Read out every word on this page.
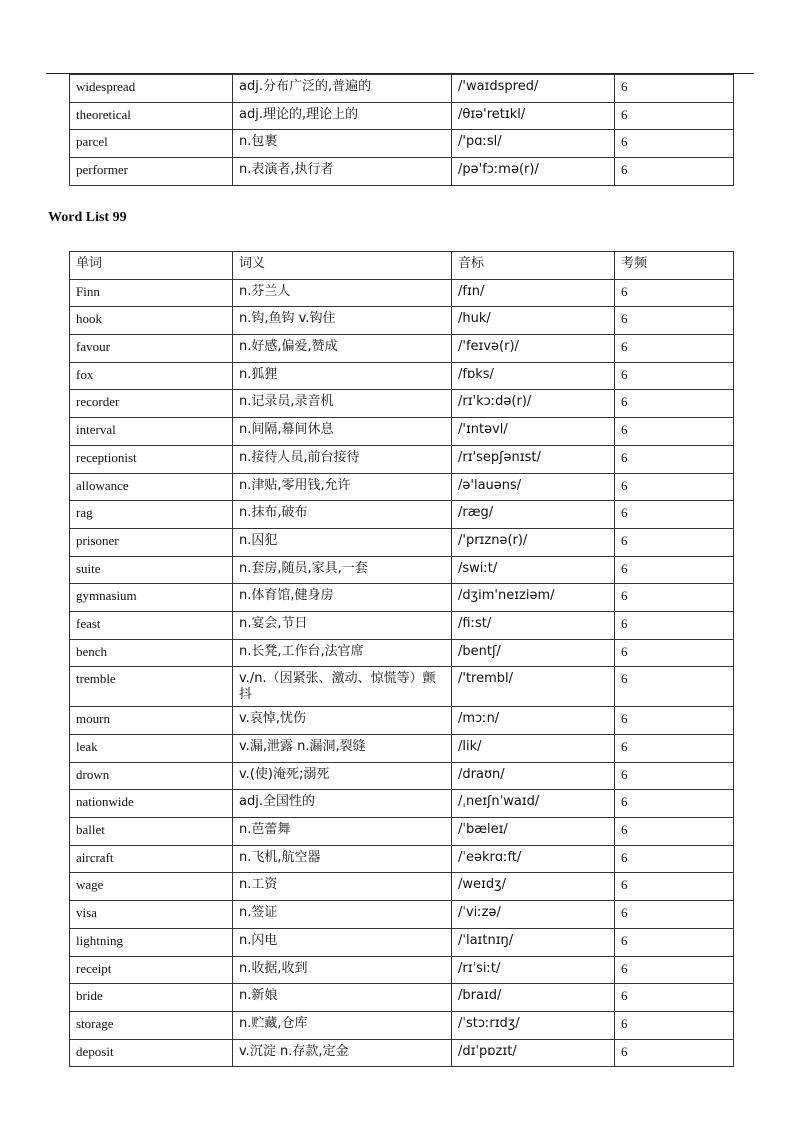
widespread	adj.分布广泛的,普遍的	/'waɪdspred/	6
theoretical	adj.理论的,理论上的	/θɪə'retɪkl/	6
parcel	n.包裹	/'pɑːsl/	6
performer	n.表演者,执行者	/pə'fɔːmə(r)/	6
Word List 99
单词	词义	音标	考频
Finn	n.芬兰人	/fɪn/	6
hook	n.钩,鱼钩 v.钩住	/huk/	6
favour	n.好感,偏爱,赞成	/'feɪvə(r)/	6
fox	n.狐狸	/fɒks/	6
recorder	n.记录员,录音机	/rɪ'kɔːdə(r)/	6
interval	n.间隔,幕间休息	/'ɪntəvl/	6
receptionist	n.接待人员,前台接待	/rɪ'sepʃənɪst/	6
allowance	n.津贴,零用钱,允许	/ə'lauəns/	6
rag	n.抹布,破布	/ræg/	6
prisoner	n.囚犯	/'prɪznə(r)/	6
suite	n.套房,随员,家具,一套	/swiːt/	6
gymnasium	n.体育馆,健身房	/dʒim'neɪziəm/	6
feast	n.宴会,节日	/fiːst/	6
bench	n.长凳,工作台,法官席	/bentʃ/	6
tremble	v./n.（因紧张、激动、惊慌等）颤抖	/'trembl/	6
mourn	v.哀悼,忧伤	/mɔːn/	6
leak	v.漏,泄露 n.漏洞,裂缝	/lik/	6
drown	v.(使)淹死;溺死	/draʊn/	6
nationwide	adj.全国性的	/ˌneɪʃnˈwaɪd/	6
ballet	n.芭蕾舞	/ˈbæleɪ/	6
aircraft	n.飞机,航空器	/ˈeəkrɑːft/	6
wage	n.工资	/weɪdʒ/	6
visa	n.签证	/ˈviːzə/	6
lightning	n.闪电	/ˈlaɪtnɪŋ/	6
receipt	n.收据,收到	/rɪˈsiːt/	6
bride	n.新娘	/braɪd/	6
storage	n.贮藏,仓库	/ˈstɔːrɪdʒ/	6
deposit	v.沉淀 n.存款,定金	/dɪˈpɒzɪt/	6
